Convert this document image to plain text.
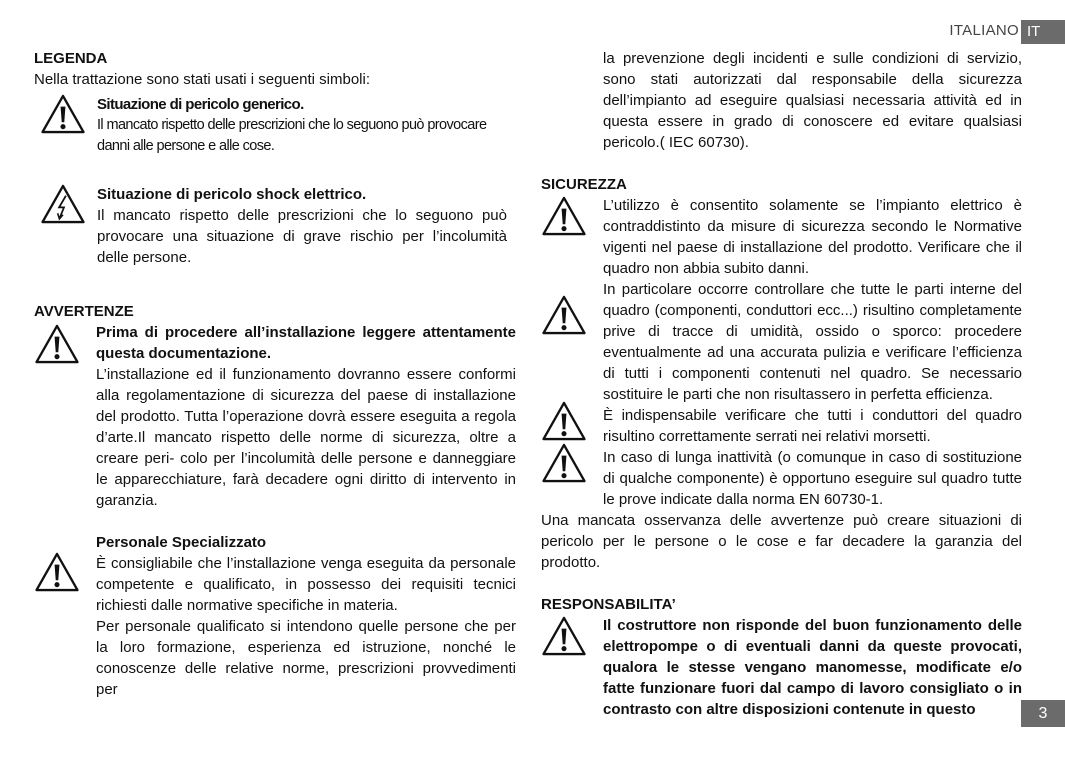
ITALIANO IT
LEGENDA

Nella trattazione sono stati usati i seguenti simboli:

Situazione di pericolo generico.

Il mancato rispetto delle prescrizioni che lo seguono può provocare danni alle persone e alle cose.

Situazione di pericolo shock elettrico.

Il mancato rispetto delle prescrizioni che lo seguono può provocare una situazione di grave rischio per l’incolumità delle persone.

AVVERTENZE

Prima di procedere all’installazione leggere attentamente questa documentazione.

L’installazione ed il funzionamento dovranno essere conformi alla regolamentazione di sicurezza del paese di installazione del prodotto. Tutta l’operazione dovrà essere eseguita a regola d’arte.Il mancato rispetto delle norme di sicurezza, oltre a creare peri- colo per l’incolumità delle persone e danneggiare le apparecchiature, farà decadere ogni diritto di intervento in garanzia.

Personale Specializzato

È consigliabile che l’installazione venga eseguita da personale competente e qualificato, in possesso dei requisiti tecnici richiesti dalle normative specifiche in materia.

Per personale qualificato si intendono quelle persone che per la loro formazione, esperienza ed istruzione, nonché le conoscenze delle relative norme, prescrizioni provvedimenti per

la prevenzione degli incidenti e sulle condizioni di servizio, sono stati autorizzati dal responsabile della sicurezza dell’impianto ad eseguire qualsiasi necessaria attività ed in questa essere in grado di conoscere ed evitare qualsiasi pericolo.( IEC 60730).

SICUREZZA

L’utilizzo è consentito solamente se l’impianto elettrico è contraddistinto da misure di sicurezza secondo le Normative vigenti nel paese di installazione del prodotto. Verificare che il quadro non abbia subito danni.

In particolare occorre controllare che tutte le parti interne del quadro (componenti, conduttori ecc...) risultino completamente prive di tracce di umidità, ossido o sporco: procedere eventualmente ad una accurata pulizia e verificare l’efficienza di tutti i componenti contenuti nel quadro. Se necessario sostituire le parti che non risultassero in perfetta efficienza.

È indispensabile verificare che tutti i conduttori del quadro risultino correttamente serrati nei relativi morsetti.

In caso di lunga inattività (o comunque in caso di sostituzione di qualche componente) è opportuno eseguire sul quadro tutte le prove indicate dalla norma EN 60730-1.

Una mancata osservanza delle avvertenze può creare situazioni di pericolo per le persone o le cose e far decadere la garanzia del prodotto.

RESPONSABILITA’

Il costruttore non risponde del buon funzionamento delle elettropompe o di eventuali danni da queste provocati, qualora le stesse vengano manomesse, modificate e/o fatte funzionare fuori dal campo di lavoro consigliato o in contrasto con altre disposizioni contenute in questo	3
